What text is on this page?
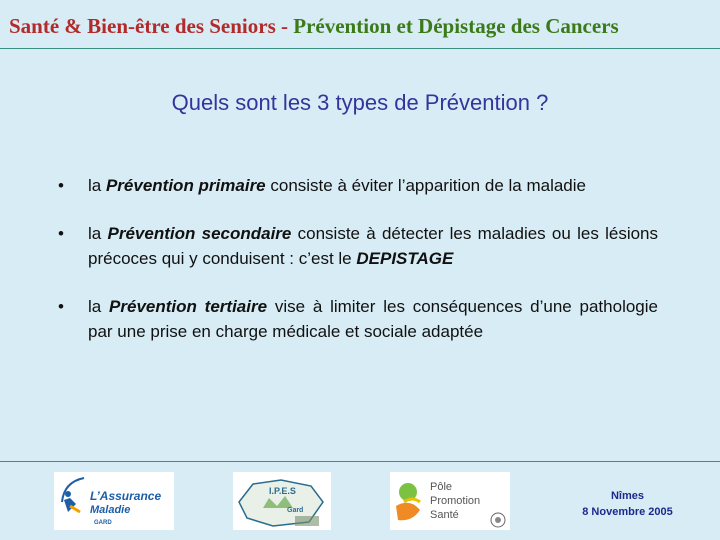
Santé & Bien-être des Seniors - Prévention et Dépistage des Cancers
Quels sont les 3 types de Prévention ?
• la Prévention primaire consiste à éviter l’apparition de la maladie
• la Prévention secondaire consiste à détecter les maladies ou les lésions précoces qui y conduisent : c’est le DEPISTAGE
• la Prévention tertiaire vise à limiter les conséquences d’une pathologie par une prise en charge médicale et sociale adaptée
L’Assurance
Maladie
GARD
I.P.E.S
Gard
Pôle
Promotion
Santé
Nîmes
8 Novembre 2005
